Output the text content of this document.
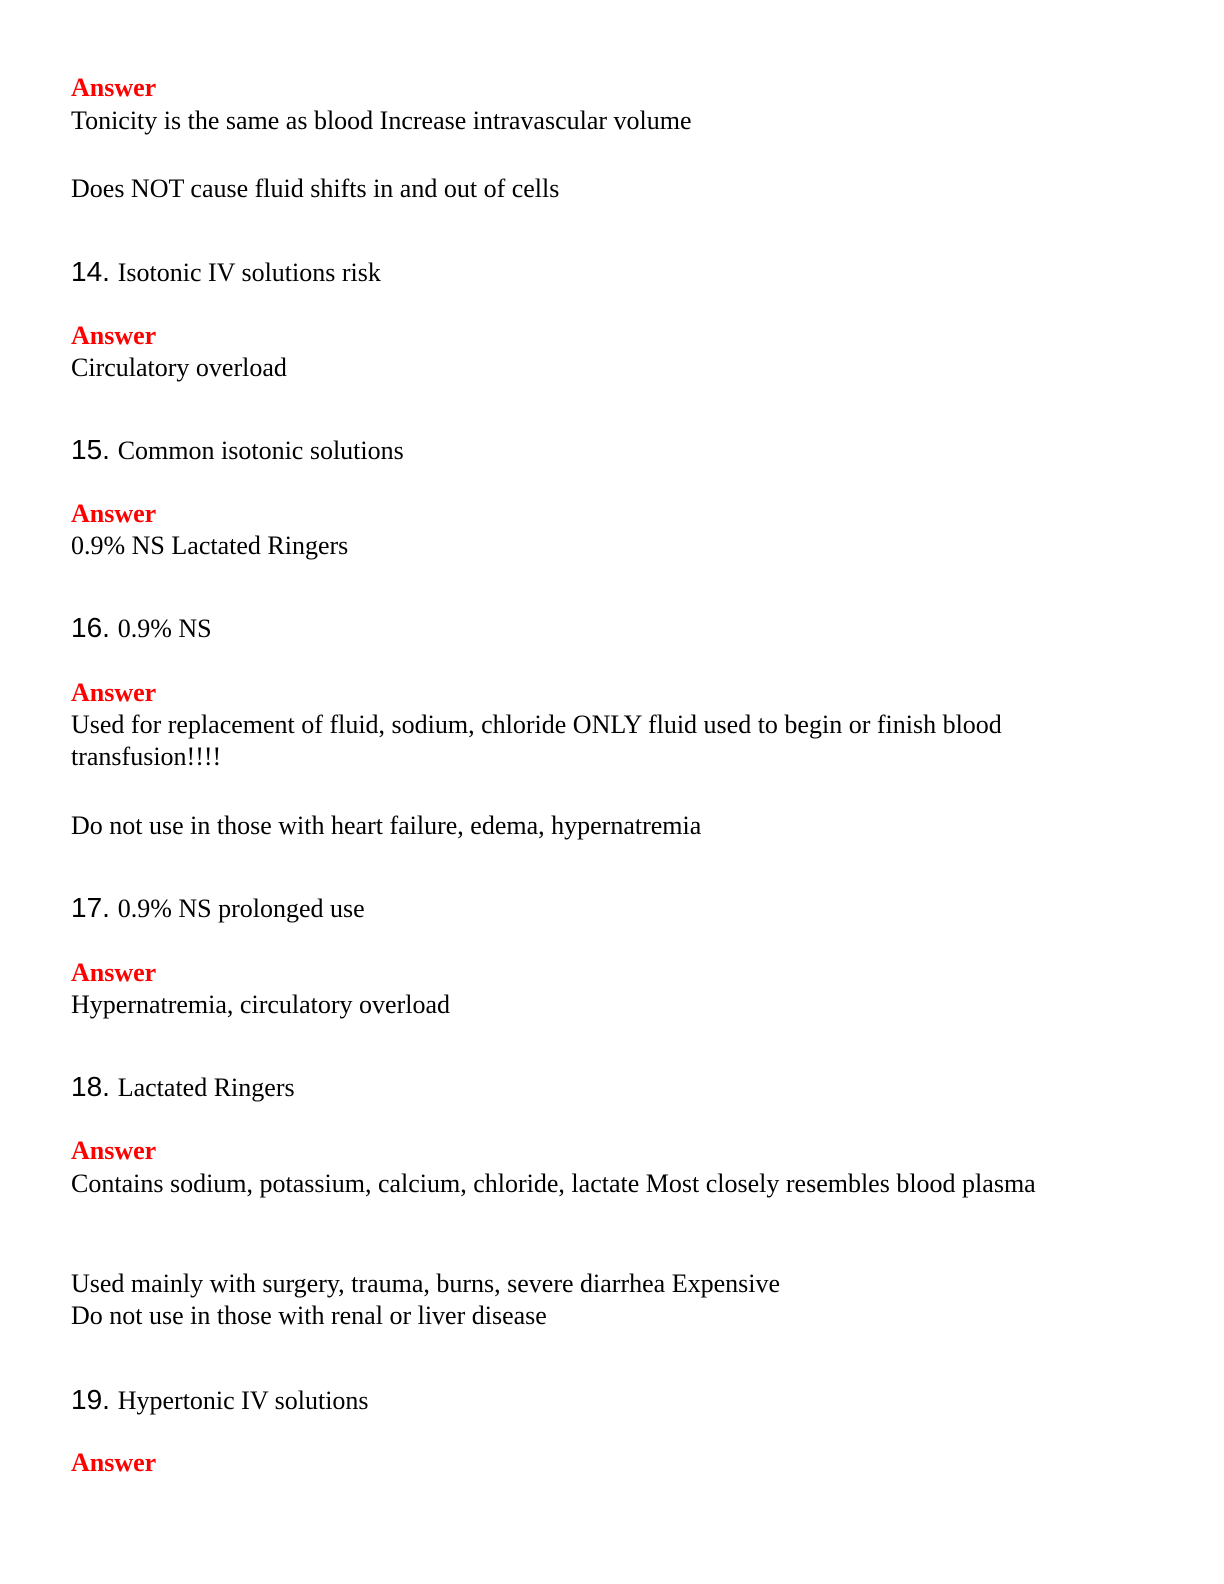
Answer
Tonicity is the same as blood Increase intravascular volume
Does NOT cause fluid shifts in and out of cells
14. Isotonic IV solutions risk
Answer
Circulatory overload
15. Common isotonic solutions
Answer
0.9% NS Lactated Ringers
16. 0.9% NS
Answer
Used for replacement of fluid, sodium, chloride ONLY fluid used to begin or finish blood
transfusion!!!!
Do not use in those with heart failure, edema, hypernatremia
17. 0.9% NS prolonged use
Answer
Hypernatremia, circulatory overload
18. Lactated Ringers
Answer
Contains sodium, potassium, calcium, chloride, lactate Most closely resembles blood plasma
Used mainly with surgery, trauma, burns, severe diarrhea Expensive
Do not use in those with renal or liver disease
19. Hypertonic IV solutions
Answer
